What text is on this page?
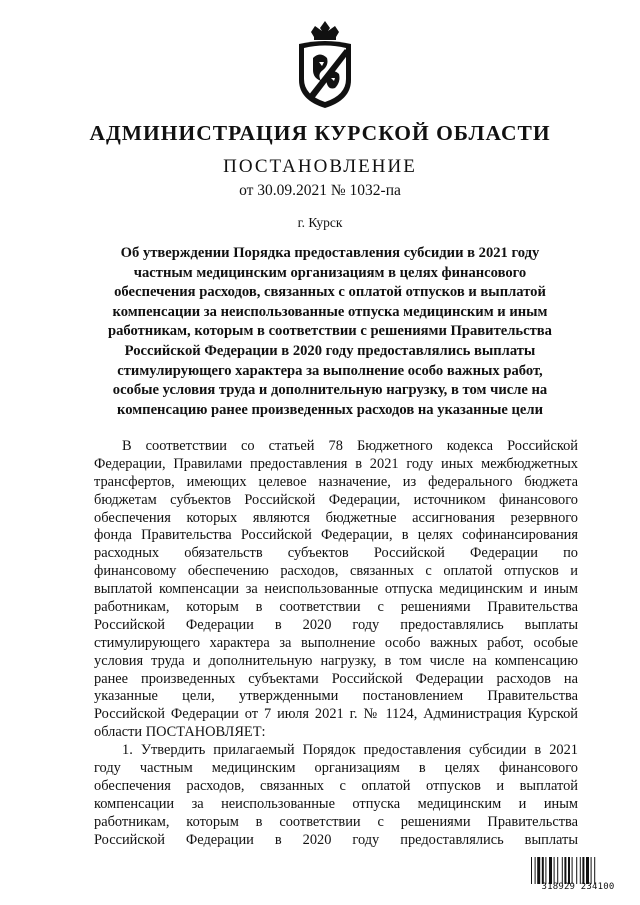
АДМИНИСТРАЦИЯ КУРСКОЙ ОБЛАСТИ
ПОСТАНОВЛЕНИЕ
от 30.09.2021 № 1032-па
г. Курск
Об утверждении Порядка предоставления субсидии в 2021 году
частным медицинским организациям в целях финансового
обеспечения расходов, связанных с оплатой отпусков и выплатой
компенсации за неиспользованные отпуска медицинским и иным
работникам, которым в соответствии с решениями Правительства
Российской Федерации в 2020 году предоставлялись выплаты
стимулирующего характера за выполнение особо важных работ,
особые условия труда и дополнительную нагрузку, в том числе на
компенсацию ранее произведенных расходов на указанные цели
В соответствии со статьей 78 Бюджетного кодекса Российской
Федерации, Правилами предоставления в 2021 году иных межбюджетных
трансфертов, имеющих целевое назначение, из федерального бюджета
бюджетам субъектов Российской Федерации, источником финансового
обеспечения которых являются бюджетные ассигнования резервного
фонда Правительства Российской Федерации, в целях софинансирования
расходных обязательств субъектов Российской Федерации по
финансовому обеспечению расходов, связанных с оплатой отпусков и
выплатой компенсации за неиспользованные отпуска медицинским и иным
работникам, которым в соответствии с решениями Правительства
Российской Федерации в 2020 году предоставлялись выплаты
стимулирующего характера за выполнение особо важных работ, особые
условия труда и дополнительную нагрузку, в том числе на компенсацию
ранее произведенных субъектами Российской Федерации расходов на
указанные цели, утвержденными постановлением Правительства
Российской Федерации от 7 июля 2021 г. № 1124, Администрация Курской
области ПОСТАНОВЛЯЕТ:
1. Утвердить прилагаемый Порядок предоставления субсидии в 2021
году частным медицинским организациям в целях финансового
обеспечения расходов, связанных с оплатой отпусков и выплатой
компенсации за неиспользованные отпуска медицинским и иным
работникам, которым в соответствии с решениями Правительства
Российской Федерации в 2020 году предоставлялись выплаты
318929 234100
